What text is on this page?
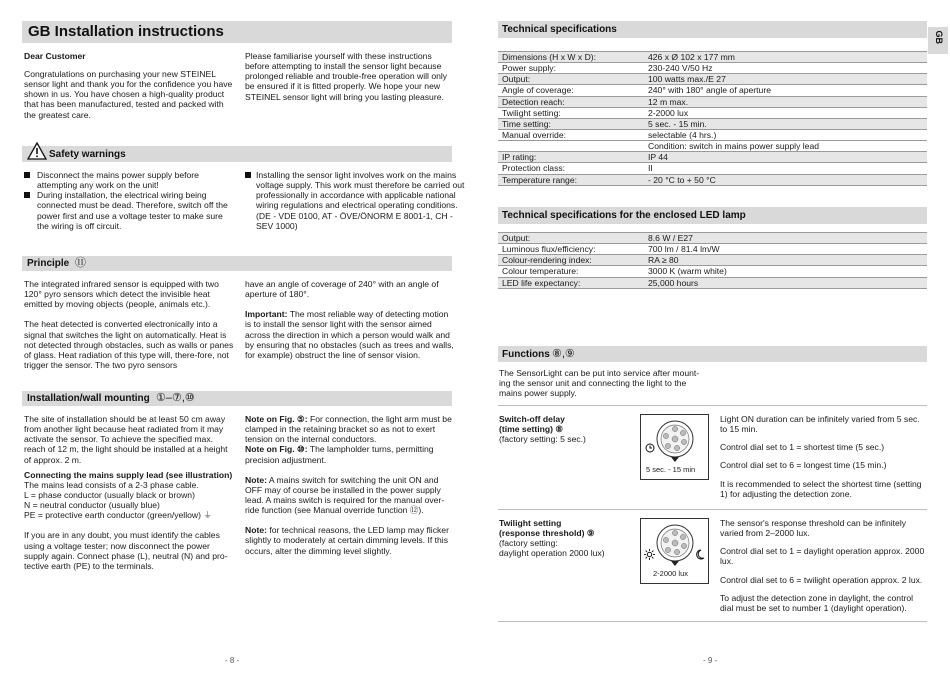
GB Installation instructions
Dear Customer
Congratulations on purchasing your new STEINEL sensor light and thank you for the confidence you have shown in us. You have chosen a high-quality product that has been manufactured, tested and packed with the greatest care.
Please familiarise yourself with these instructions before attempting to install the sensor light because prolonged reliable and trouble-free operation will only be ensured if it is fitted properly. We hope your new STEINEL sensor light will bring you lasting pleasure.
Safety warnings
Disconnect the mains power supply before attempting any work on the unit!
During installation, the electrical wiring being connected must be dead. Therefore, switch off the power first and use a voltage tester to make sure the wiring is off circuit.
Installing the sensor light involves work on the mains voltage supply. This work must therefore be carried out professionally in accordance with applicable national wiring regulations and electrical operating conditions. (DE - VDE 0100, AT - ÖVE/ÖNORM E 8001-1, CH - SEV 1000)
Principle ⑪

The integrated infrared sensor is equipped with two 120° pyro sensors which detect the invisible heat emitted by moving objects (people, animals etc.).

The heat detected is converted electronically into a signal that switches the light on automatically. Heat is not detected through obstacles, such as walls or panes of glass. Heat radiation of this type will, there-fore, not trigger the sensor. The two pyro sensors

have an angle of coverage of 240° with an angle of aperture of 180°.

Important: The most reliable way of detecting motion is to install the sensor light with the sensor aimed across the direction in which a person would walk and by ensuring that no obstacles (such as trees and walls, for example) obstruct the line of sensor vision.

Installation/wall mounting ①–⑦,⑩

The site of installation should be at least 50 cm away from another light because heat radiated from it may activate the sensor. To achieve the specified max. reach of 12 m, the light should be installed at a height of approx. 2 m.

Connecting the mains supply lead (see illustration)

The mains lead consists of a 2-3 phase cable.

L = phase conductor (usually black or brown)

N = neutral conductor (usually blue)

PE = protective earth conductor (green/yellow) ⏚

If you are in any doubt, you must identify the cables using a voltage tester; now disconnect the power supply again. Connect phase (L), neutral (N) and pro-tective earth (PE) to the terminals.

Note on Fig. ⑤: For connection, the light arm must be clamped in the retaining bracket so as not to exert tension on the internal conductors.

Note on Fig. ⑩: The lampholder turns, permitting precision adjustment.

Note: A mains switch for switching the unit ON and OFF may of course be installed in the power supply lead. A mains switch is required for the manual over-ride function (see Manual override function ⑫).

Note: for technical reasons, the LED lamp may flicker slightly to moderately at certain dimming levels. If this occurs, alter the dimming level slightly.

- 8 -
GB
Technical specifications
Dimensions (H x W x D):	426 x Ø 102 x 177 mm
Power supply:	230-240 V/50 Hz
Output:	100 watts max./E 27
Angle of coverage:	240° with 180° angle of aperture
Detection reach:	12 m max.
Twilight setting:	2-2000 lux
Time setting:	5 sec. - 15 min.
Manual override:	selectable (4 hrs.)
	Condition: switch in mains power supply lead
IP rating:	IP 44
Protection class:	II
Temperature range:	- 20 °C to + 50 °C
Technical specifications for the enclosed LED lamp
Output:	8.6 W / E27
Luminous flux/efficiency:	700 lm / 81.4 lm/W
Colour-rendering index:	RA ≥ 80
Colour temperature:	3000 K (warm white)
LED life expectancy:	25,000 hours
Functions ⑧,⑨
The SensorLight can be put into service after mount-ing the sensor unit and connecting the light to the mains power supply.
Switch-off delay
(time setting) ⑧
(factory setting: 5 sec.)
5 sec. - 15 min

Light ON duration can be infinitely varied from 5 sec. to 15 min.

Control dial set to 1 = shortest time (5 sec.)

Control dial set to 6 = longest time (15 min.)

It is recommended to select the shortest time (setting 1) for adjusting the detection zone.

Twilight setting
(response threshold) ⑨
(factory setting:
daylight operation 2000 lux)
2-2000 lux

The sensor's response threshold can be infinitely varied from 2–2000 lux.

Control dial set to 1 = daylight operation approx. 2000 lux.

Control dial set to 6 = twilight operation approx. 2 lux.

To adjust the detection zone in daylight, the control dial must be set to number 1 (daylight operation).

- 9 -
